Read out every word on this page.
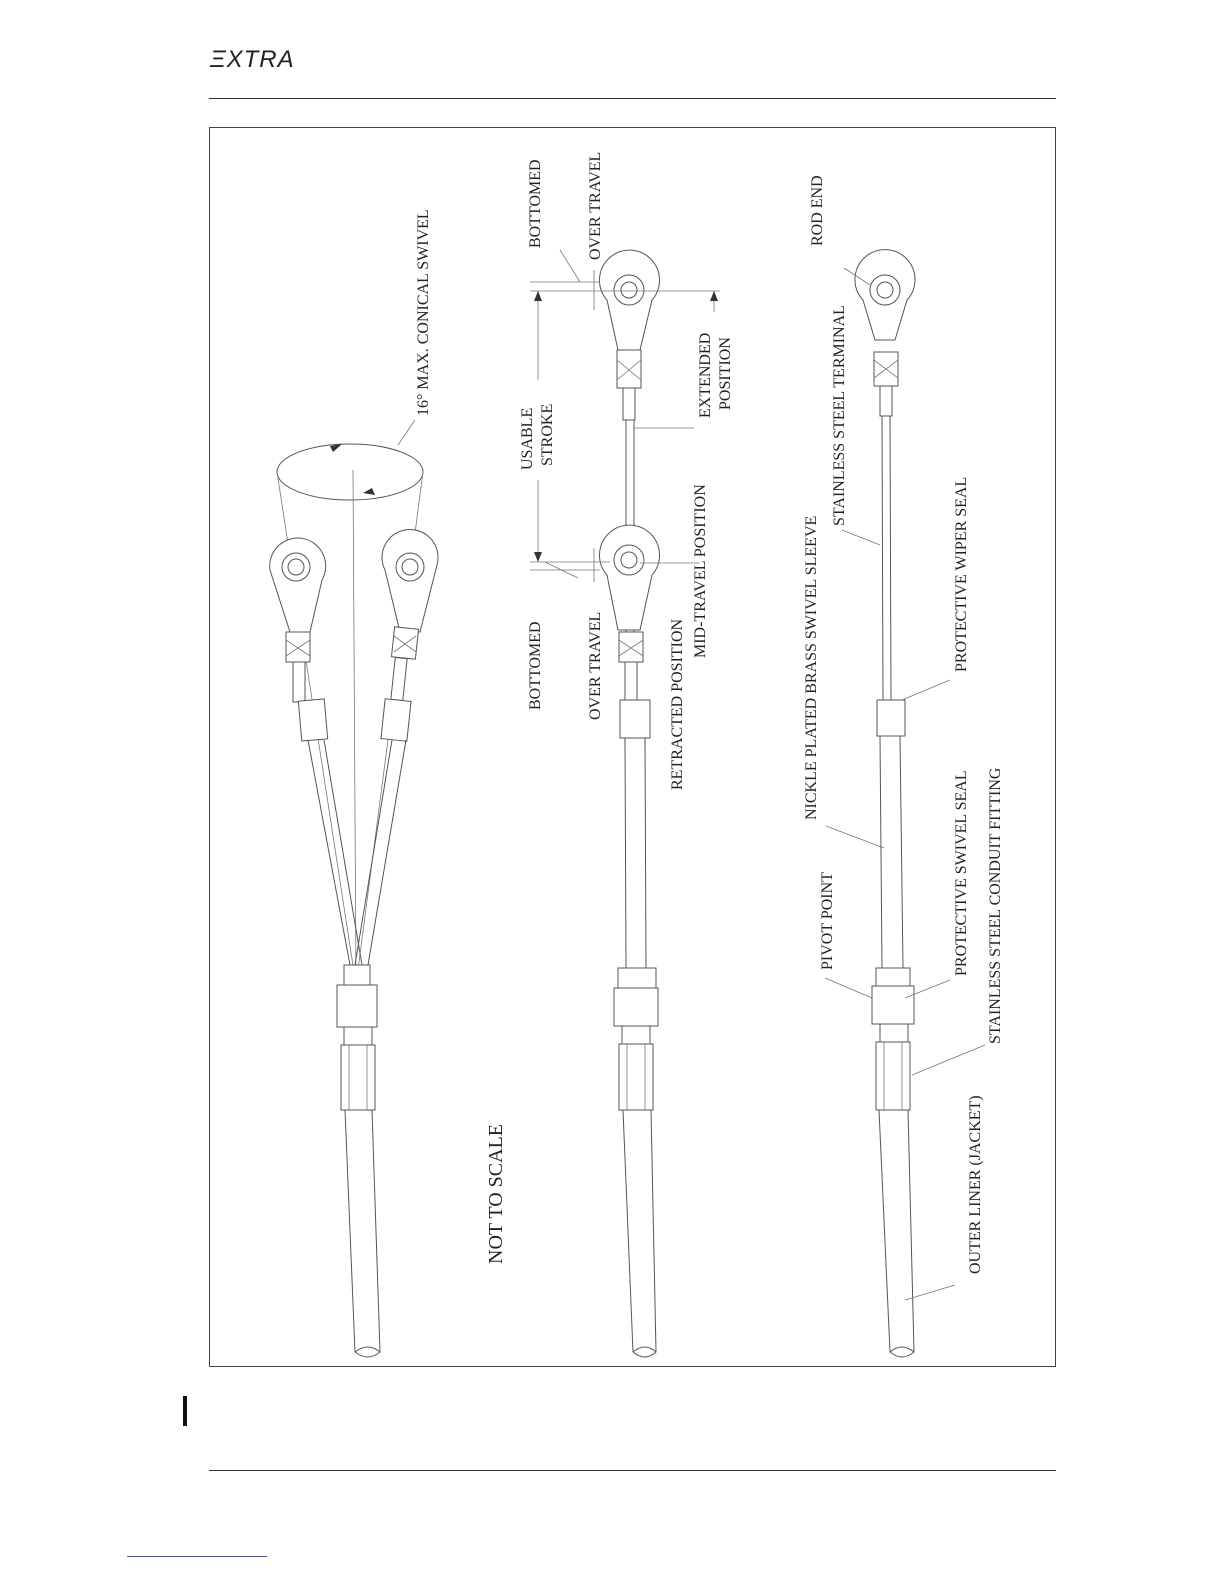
ΞXTRA
16° MAX. CONICAL SWIVEL
BOTTOMED	OVER TRAVEL
USABLE STROKE
EXTENDED POSITION
MID-TRAVEL POSITION
RETRACTED POSITION
BOTTOMED	OVER TRAVEL
NOT TO SCALE
ROD END
STAINLESS STEEL TERMINAL
PROTECTIVE WIPER SEAL
NICKLE PLATED BRASS SWIVEL SLEEVE
PROTECTIVE SWIVEL SEAL STAINLESS STEEL CONDUIT FITTING
PIVOT POINT
OUTER LINER (JACKET)
